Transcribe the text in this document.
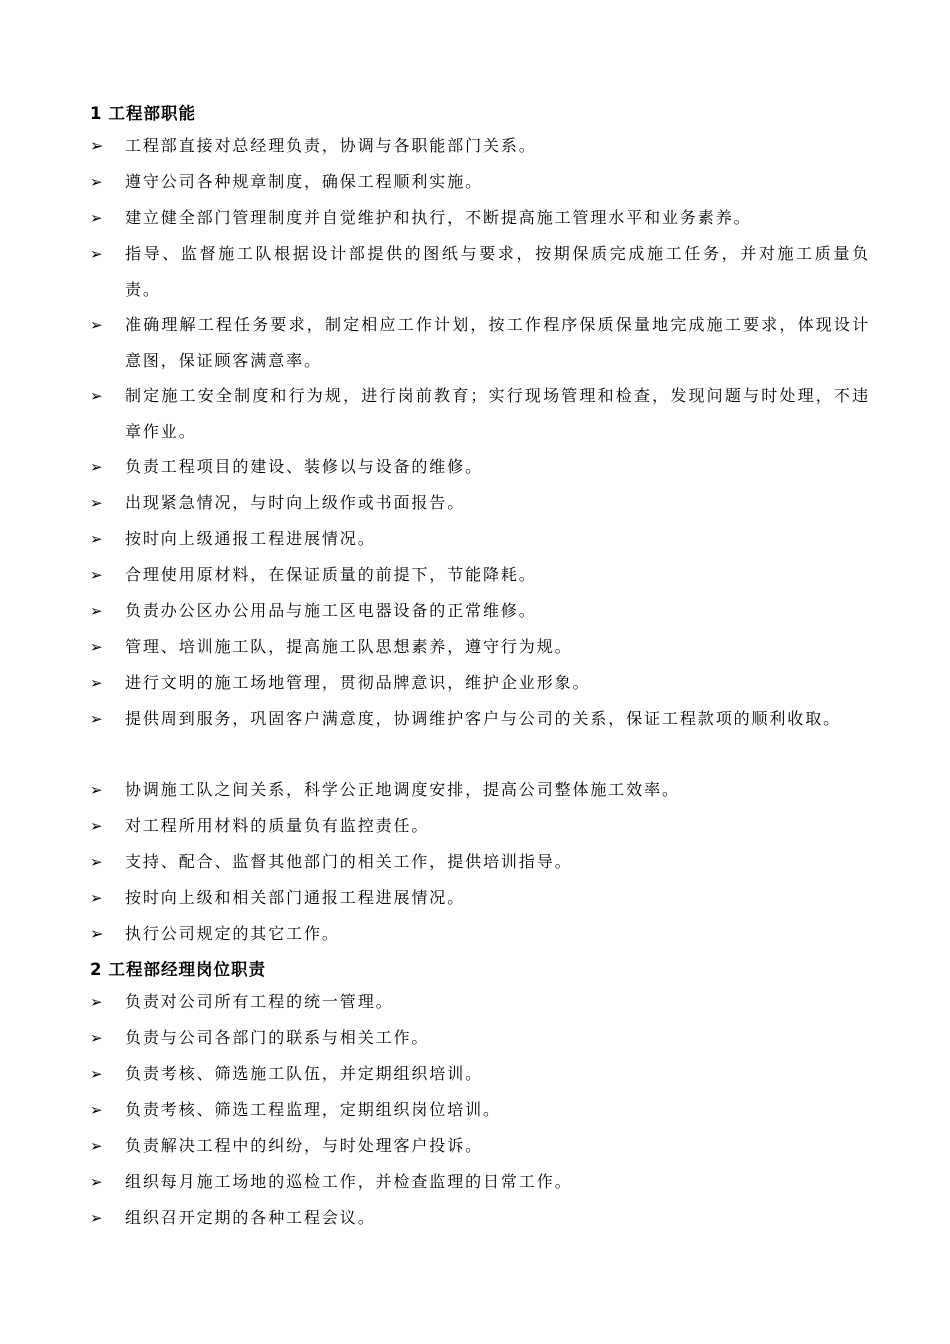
1 工程部职能
➢	工程部直接对总经理负责，协调与各职能部门关系。
➢	遵守公司各种规章制度，确保工程顺利实施。
➢	建立健全部门管理制度并自觉维护和执行，不断提高施工管理水平和业务素养。
➢	指导、监督施工队根据设计部提供的图纸与要求，按期保质完成施工任务，并对施工质量负责。
➢	准确理解工程任务要求，制定相应工作计划，按工作程序保质保量地完成施工要求，体现设计意图，保证顾客满意率。
➢	制定施工安全制度和行为规，进行岗前教育；实行现场管理和检查，发现问题与时处理，不违章作业。
➢	负责工程项目的建设、装修以与设备的维修。
➢	出现紧急情况，与时向上级作或书面报告。
➢	按时向上级通报工程进展情况。
➢	合理使用原材料，在保证质量的前提下，节能降耗。
➢	负责办公区办公用品与施工区电器设备的正常维修。
➢	管理、培训施工队，提高施工队思想素养，遵守行为规。
➢	进行文明的施工场地管理，贯彻品牌意识，维护企业形象。
➢	提供周到服务，巩固客户满意度，协调维护客户与公司的关系，保证工程款项的顺利收取。
➢	协调施工队之间关系，科学公正地调度安排，提高公司整体施工效率。
➢	对工程所用材料的质量负有监控责任。
➢	支持、配合、监督其他部门的相关工作，提供培训指导。
➢	按时向上级和相关部门通报工程进展情况。
➢	执行公司规定的其它工作。
2 工程部经理岗位职责
➢	负责对公司所有工程的统一管理。
➢	负责与公司各部门的联系与相关工作。
➢	负责考核、筛选施工队伍，并定期组织培训。
➢	负责考核、筛选工程监理，定期组织岗位培训。
➢	负责解决工程中的纠纷，与时处理客户投诉。
➢	组织每月施工场地的巡检工作，并检查监理的日常工作。
➢	组织召开定期的各种工程会议。
